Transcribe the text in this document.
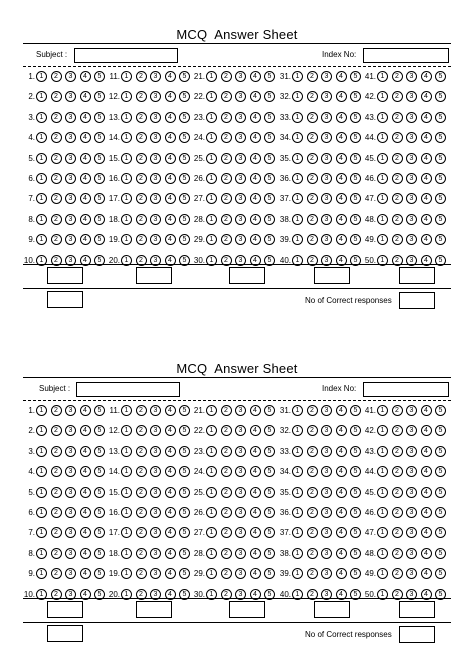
MCQ  Answer Sheet
Subject :	Index No:
1. 1	2	3	4	5	11. 1	2	3	4	5 21. 1	2	3	4	5	31. 1	2	3	4	5 41. 1	2	3	4	5
2. 1	2	3	4	5 12. 1	2	3	4	5 22. 1	2	3	4	5	32. 1	2	3	4	5 42. 1	2	3	4	5
3. 1	2	3	4	5 13. 1	2	3	4	5 23. 1	2	3	4	5	33. 1	2	3	4	5 43. 1	2	3	4	5
4. 1	2	3	4	5 14. 1	2	3	4	5 24. 1	2	3	4	5	34. 1	2	3	4	5 44. 1	2	3	4	5
5. 1	2	3	4	5 15. 1	2	3	4	5 25. 1	2	3	4	5	35. 1	2	3	4	5 45. 1	2	3	4	5
6. 1	2	3	4	5 16. 1	2	3	4	5 26. 1	2	3	4	5	36. 1	2	3	4	5 46. 1	2	3	4	5
7. 1	2	3	4	5 17. 1	2	3	4	5 27. 1	2	3	4	5	37. 1	2	3	4	5 47. 1	2	3	4	5
8. 1	2	3	4	5 18. 1	2	3	4	5 28. 1	2	3	4	5	38. 1	2	3	4	5 48. 1	2	3	4	5
9. 1	2	3	4	5 19. 1	2	3	4	5 29. 1	2	3	4	5	39. 1	2	3	4	5 49. 1	2	3	4	5
10. 1	2	3	4	5 20. 1	2	3	4	5 30. 1	2	3	4	5	40. 1	2	3	4	5 50. 1	2	3	4	5
No of Correct responses
MCQ  Answer Sheet
Subject :	Index No:
1. 1	2	3	4	5	11. 1	2	3	4	5 21. 1	2	3	4	5	31. 1	2	3	4	5 41. 1	2	3	4	5
2. 1	2	3	4	5 12. 1	2	3	4	5 22. 1	2	3	4	5	32. 1	2	3	4	5 42. 1	2	3	4	5
3. 1	2	3	4	5 13. 1	2	3	4	5 23. 1	2	3	4	5	33. 1	2	3	4	5 43. 1	2	3	4	5
4. 1	2	3	4	5 14. 1	2	3	4	5 24. 1	2	3	4	5	34. 1	2	3	4	5 44. 1	2	3	4	5
5. 1	2	3	4	5 15. 1	2	3	4	5 25. 1	2	3	4	5	35. 1	2	3	4	5 45. 1	2	3	4	5
6. 1	2	3	4	5 16. 1	2	3	4	5 26. 1	2	3	4	5	36. 1	2	3	4	5 46. 1	2	3	4	5
7. 1	2	3	4	5 17. 1	2	3	4	5 27. 1	2	3	4	5	37. 1	2	3	4	5 47. 1	2	3	4	5
8. 1	2	3	4	5 18. 1	2	3	4	5 28. 1	2	3	4	5	38. 1	2	3	4	5 48. 1	2	3	4	5
9. 1	2	3	4	5 19. 1	2	3	4	5 29. 1	2	3	4	5	39. 1	2	3	4	5 49. 1	2	3	4	5
10. 1	2	3	4	5 20. 1	2	3	4	5 30. 1	2	3	4	5	40. 1	2	3	4	5 50. 1	2	3	4	5
No of Correct responses
